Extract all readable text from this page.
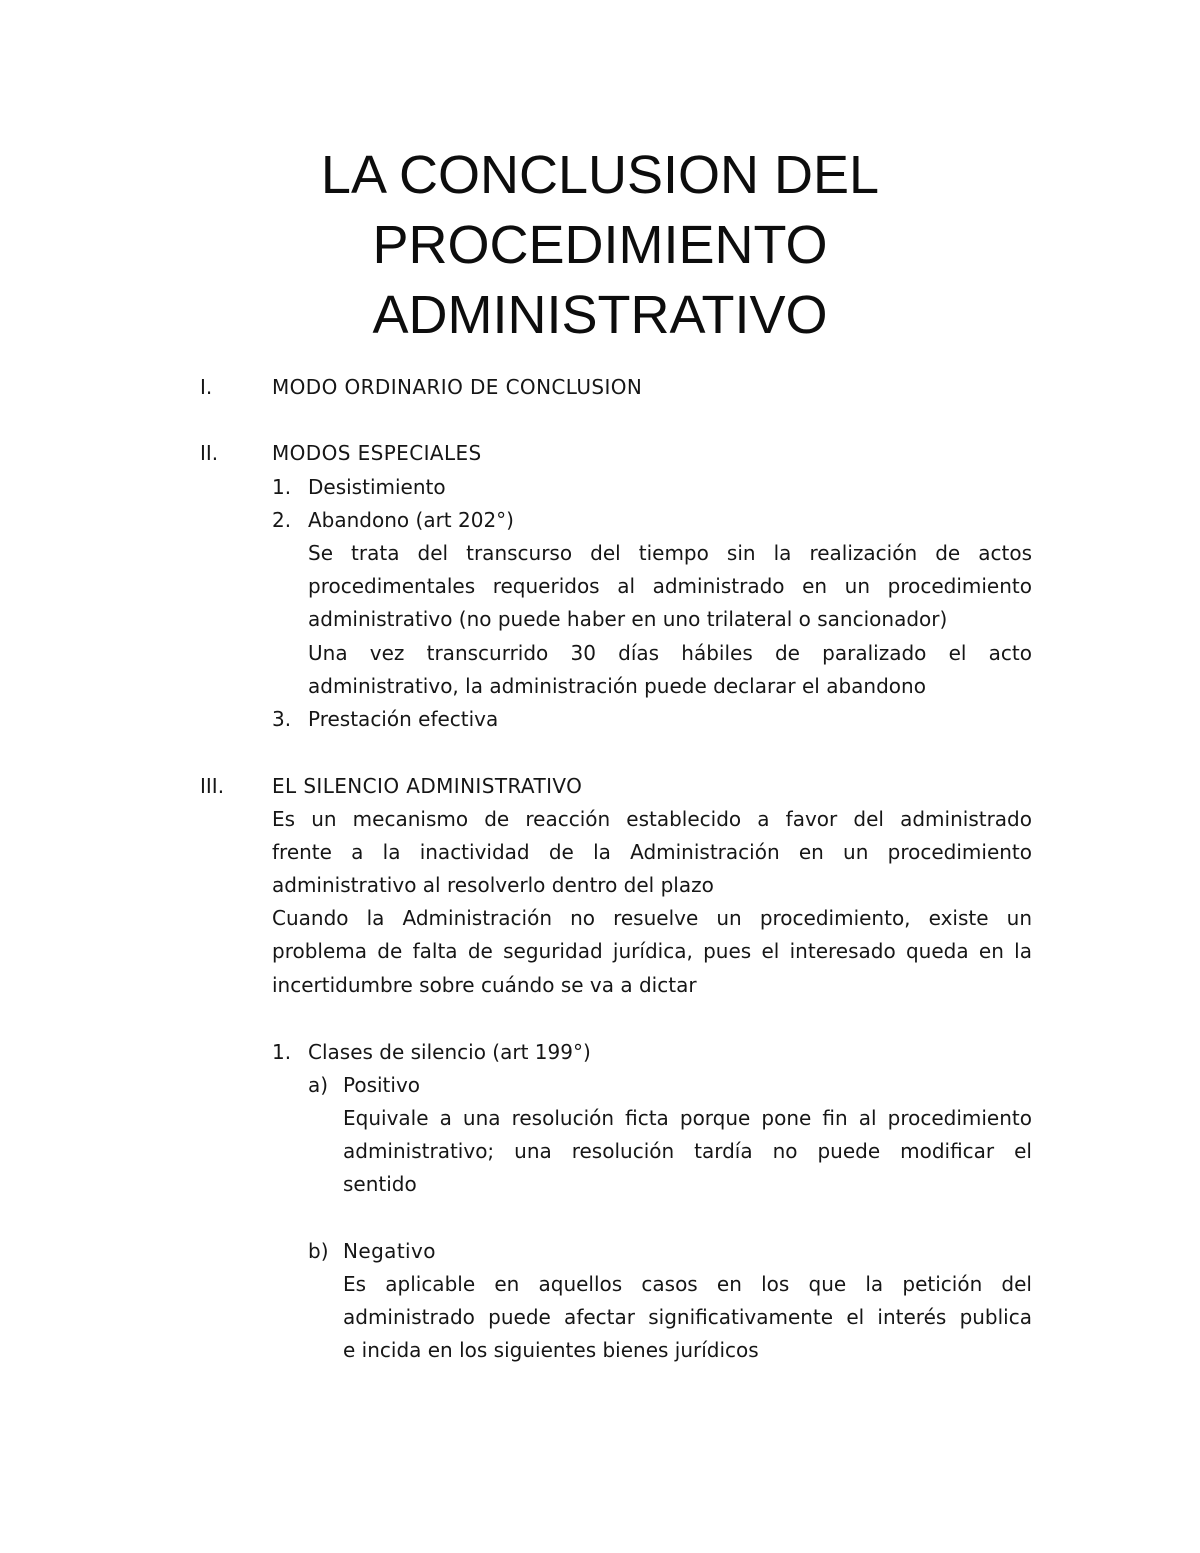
LA CONCLUSION DEL
PROCEDIMIENTO
ADMINISTRATIVO
I.	MODO ORDINARIO DE CONCLUSION
II.	MODOS ESPECIALES
1. Desistimiento
2. Abandono (art 202°)
Se trata del transcurso del tiempo sin la realización de actos
procedimentales requeridos al administrado en un procedimiento
administrativo (no puede haber en uno trilateral o sancionador)
Una vez transcurrido 30 días hábiles de paralizado el acto
administrativo, la administración puede declarar el abandono
3. Prestación efectiva
III.	EL SILENCIO ADMINISTRATIVO
Es un mecanismo de reacción establecido a favor del administrado
frente a la inactividad de la Administración en un procedimiento
administrativo al resolverlo dentro del plazo
Cuando la Administración no resuelve un procedimiento, existe un
problema de falta de seguridad jurídica, pues el interesado queda en la
incertidumbre sobre cuándo se va a dictar
1. Clases de silencio (art 199°)
a) Positivo
Equivale a una resolución ficta porque pone fin al procedimiento
administrativo; una resolución tardía no puede modificar el
sentido
b) Negativo
Es aplicable en aquellos casos en los que la petición del
administrado puede afectar significativamente el interés publica
e incida en los siguientes bienes jurídicos
